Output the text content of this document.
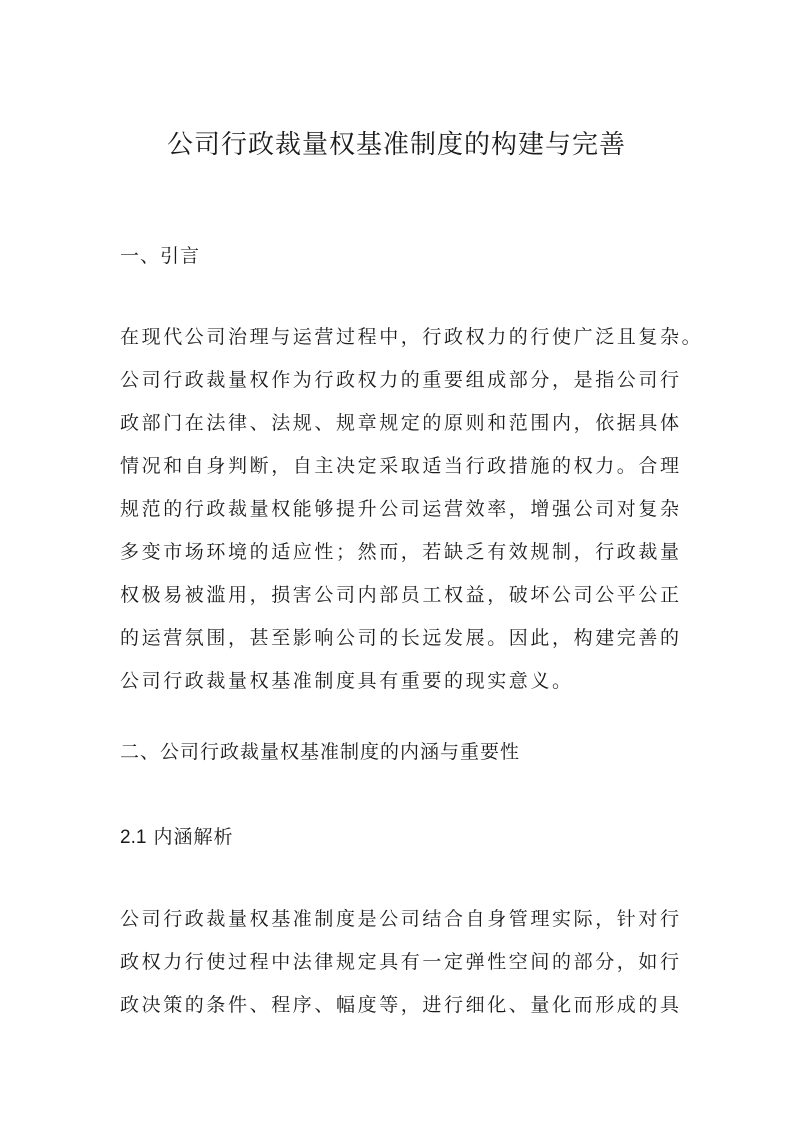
公司行政裁量权基准制度的构建与完善
一、引言
在现代公司治理与运营过程中，行政权力的行使广泛且复杂。
公司行政裁量权作为行政权力的重要组成部分，是指公司行
政部门在法律、法规、规章规定的原则和范围内，依据具体
情况和自身判断，自主决定采取适当行政措施的权力。合理
规范的行政裁量权能够提升公司运营效率，增强公司对复杂
多变市场环境的适应性；然而，若缺乏有效规制，行政裁量
权极易被滥用，损害公司内部员工权益，破坏公司公平公正
的运营氛围，甚至影响公司的长远发展。因此，构建完善的
公司行政裁量权基准制度具有重要的现实意义。
二、公司行政裁量权基准制度的内涵与重要性
2.1 内涵解析
公司行政裁量权基准制度是公司结合自身管理实际，针对行
政权力行使过程中法律规定具有一定弹性空间的部分，如行
政决策的条件、程序、幅度等，进行细化、量化而形成的具
